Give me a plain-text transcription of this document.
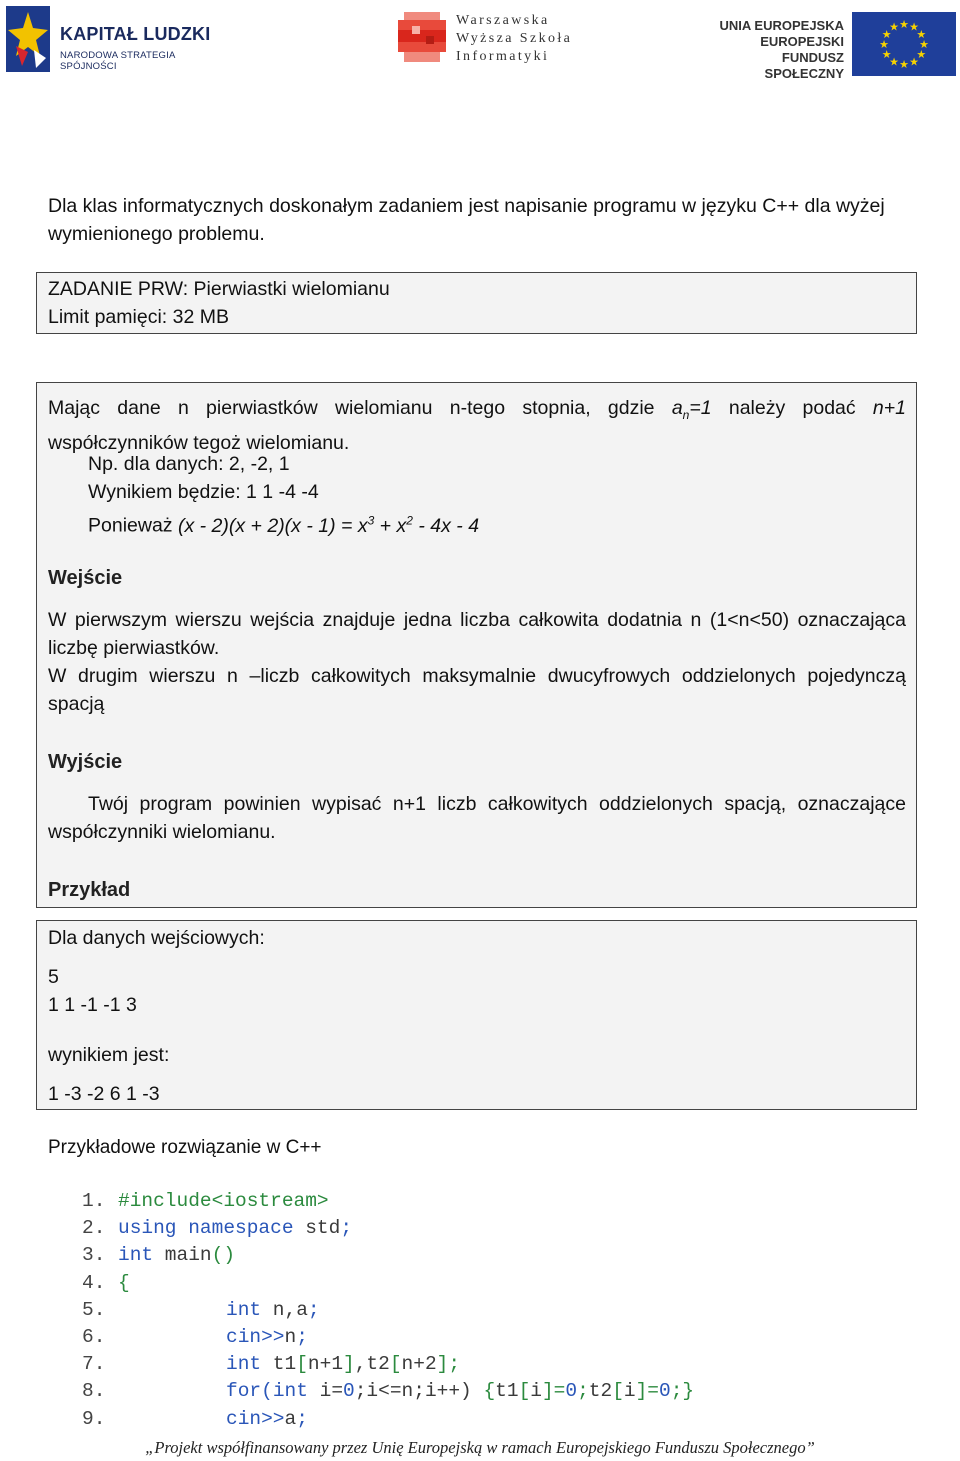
KAPITAŁ LUDZKI
NARODOWA STRATEGIA SPÓJNOŚCI
Warszawska
Wyższa Szkoła
Informatyki
UNIA EUROPEJSKA
EUROPEJSKI
FUNDUSZ SPOŁECZNY
★ ★
★
★
★
★
★
★
★
★
★
★
Dla klas informatycznych doskonałym zadaniem jest napisanie programu w języku C++ dla wyżej wymienionego problemu.
ZADANIE PRW: Pierwiastki wielomianu
Limit pamięci: 32 MB
Mając dane n pierwiastków wielomianu n-tego stopnia, gdzie $a_n=1$ należy podać n+1 współczynników tegoż wielomianu.
Np. dla danych: 2, -2, 1
Wynikiem będzie: 1 1 -4 -4
Ponieważ $(x - 2)(x + 2)(x - 1) = x^3 + x^2 - 4x - 4$
Wejście
W pierwszym wierszu wejścia znajduje jedna liczba całkowita dodatnia n (1<n<50) oznaczająca liczbę pierwiastków.
W drugim wierszu n –liczb całkowitych maksymalnie dwucyfrowych oddzielonych pojedynczą spacją
Wyjście
Twój program powinien wypisać n+1 liczb całkowitych oddzielonych spacją, oznaczające współczynniki wielomianu.
Przykład
Dla danych wejściowych:
5
1 1 -1 -1 3
wynikiem jest:
1 -3 -2 6 1 -3
Przykładowe rozwiązanie w C++
1. #include<iostream>
2. using namespace std;
3. int main()
4. {
5.	int n,a;
6.	cin>>n;
7.	int t1[n+1],t2[n+2];
8.	for(int i=0;i<=n;i++) {t1[i]=0;t2[i]=0;}
9.	cin>>a;
„Projekt współfinansowany przez Unię Europejską w ramach Europejskiego Funduszu Społecznego”
